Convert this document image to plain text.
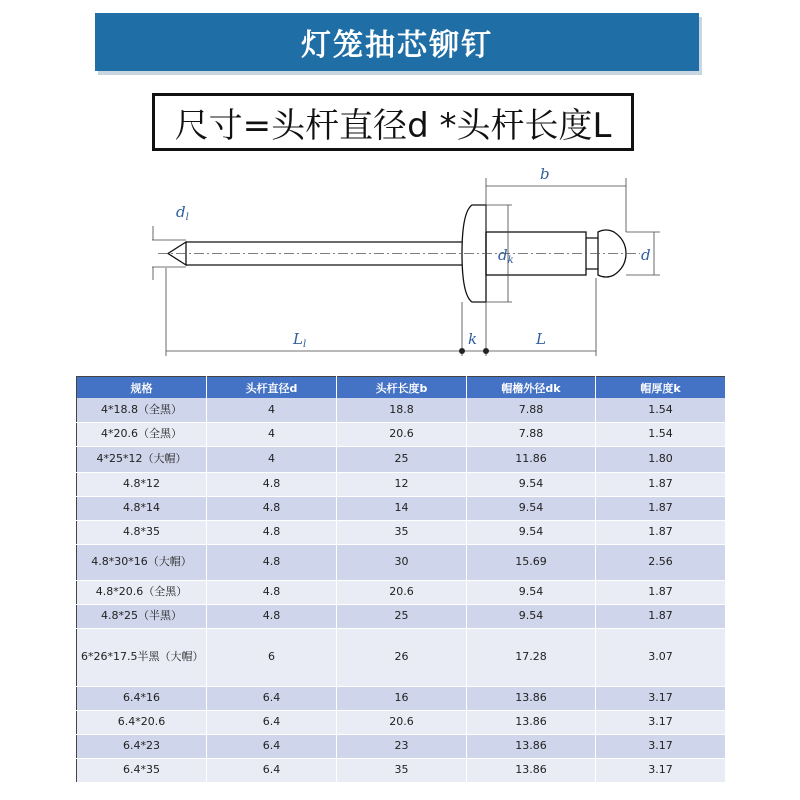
灯笼抽芯铆钉
尺寸=头杆直径d *头杆长度L
b
$d_l$
$d_k$	d
$L_l$	k	L
规格	头杆直径d	头杆长度b	帽檐外径dk	帽厚度k
4*18.8（全黑）	4	18.8	7.88	1.54
4*20.6（全黑）	4	20.6	7.88	1.54
4*25*12（大帽）	4	25	11.86	1.80
4.8*12	4.8	12	9.54	1.87
4.8*14	4.8	14	9.54	1.87
4.8*35	4.8	35	9.54	1.87
4.8*30*16（大帽）	4.8	30	15.69	2.56
4.8*20.6（全黑）	4.8	20.6	9.54	1.87
4.8*25（半黑）	4.8	25	9.54	1.87
6*26*17.5半黑（大帽）	6	26	17.28	3.07
6.4*16	6.4	16	13.86	3.17
6.4*20.6	6.4	20.6	13.86	3.17
6.4*23	6.4	23	13.86	3.17
6.4*35	6.4	35	13.86	3.17
